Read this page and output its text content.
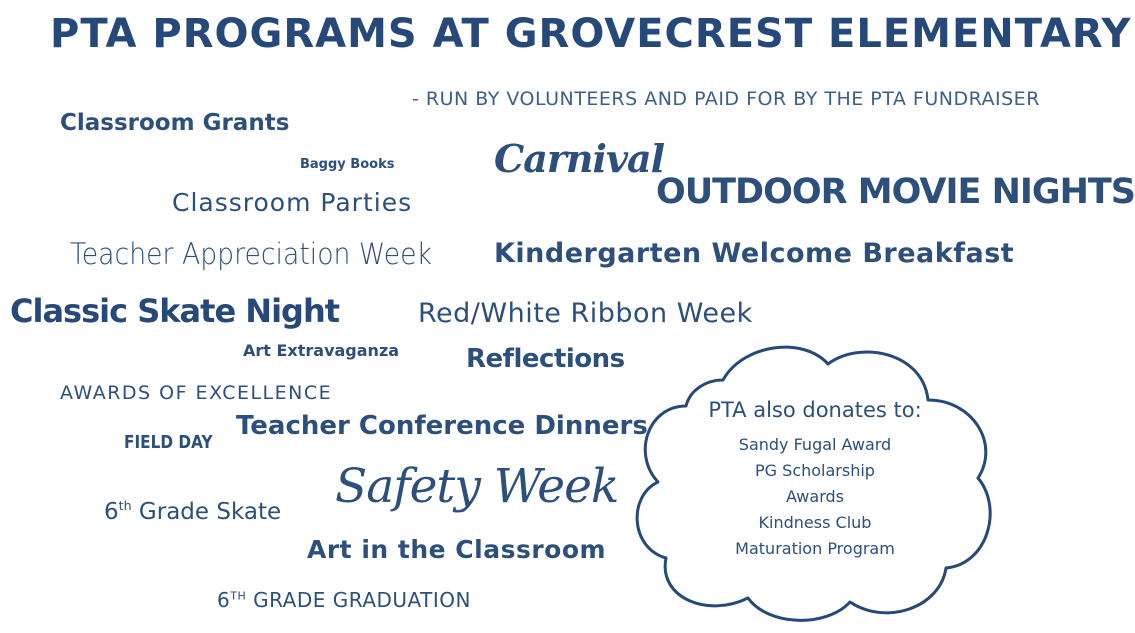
PTA PROGRAMS AT GROVECREST ELEMENTARY
- RUN BY VOLUNTEERS AND PAID FOR BY THE PTA FUNDRAISER
Classroom Grants
Baggy Books	Carnival
OUTDOOR MOVIE NIGHTS
Classroom Parties
Teacher Appreciation Week Kindergarten Welcome Breakfast
Classic Skate Night	Red/White Ribbon Week
Art Extravaganza	Reflections
AWARDS OF EXCELLENCE
Teacher Conference Dinners
FIELD DAY
Safety Week
6th Grade Skate
Art in the Classroom
6TH GRADE GRADUATION
PTA also donates to:
Sandy Fugal Award
PG Scholarship
Awards
Kindness Club
Maturation Program
